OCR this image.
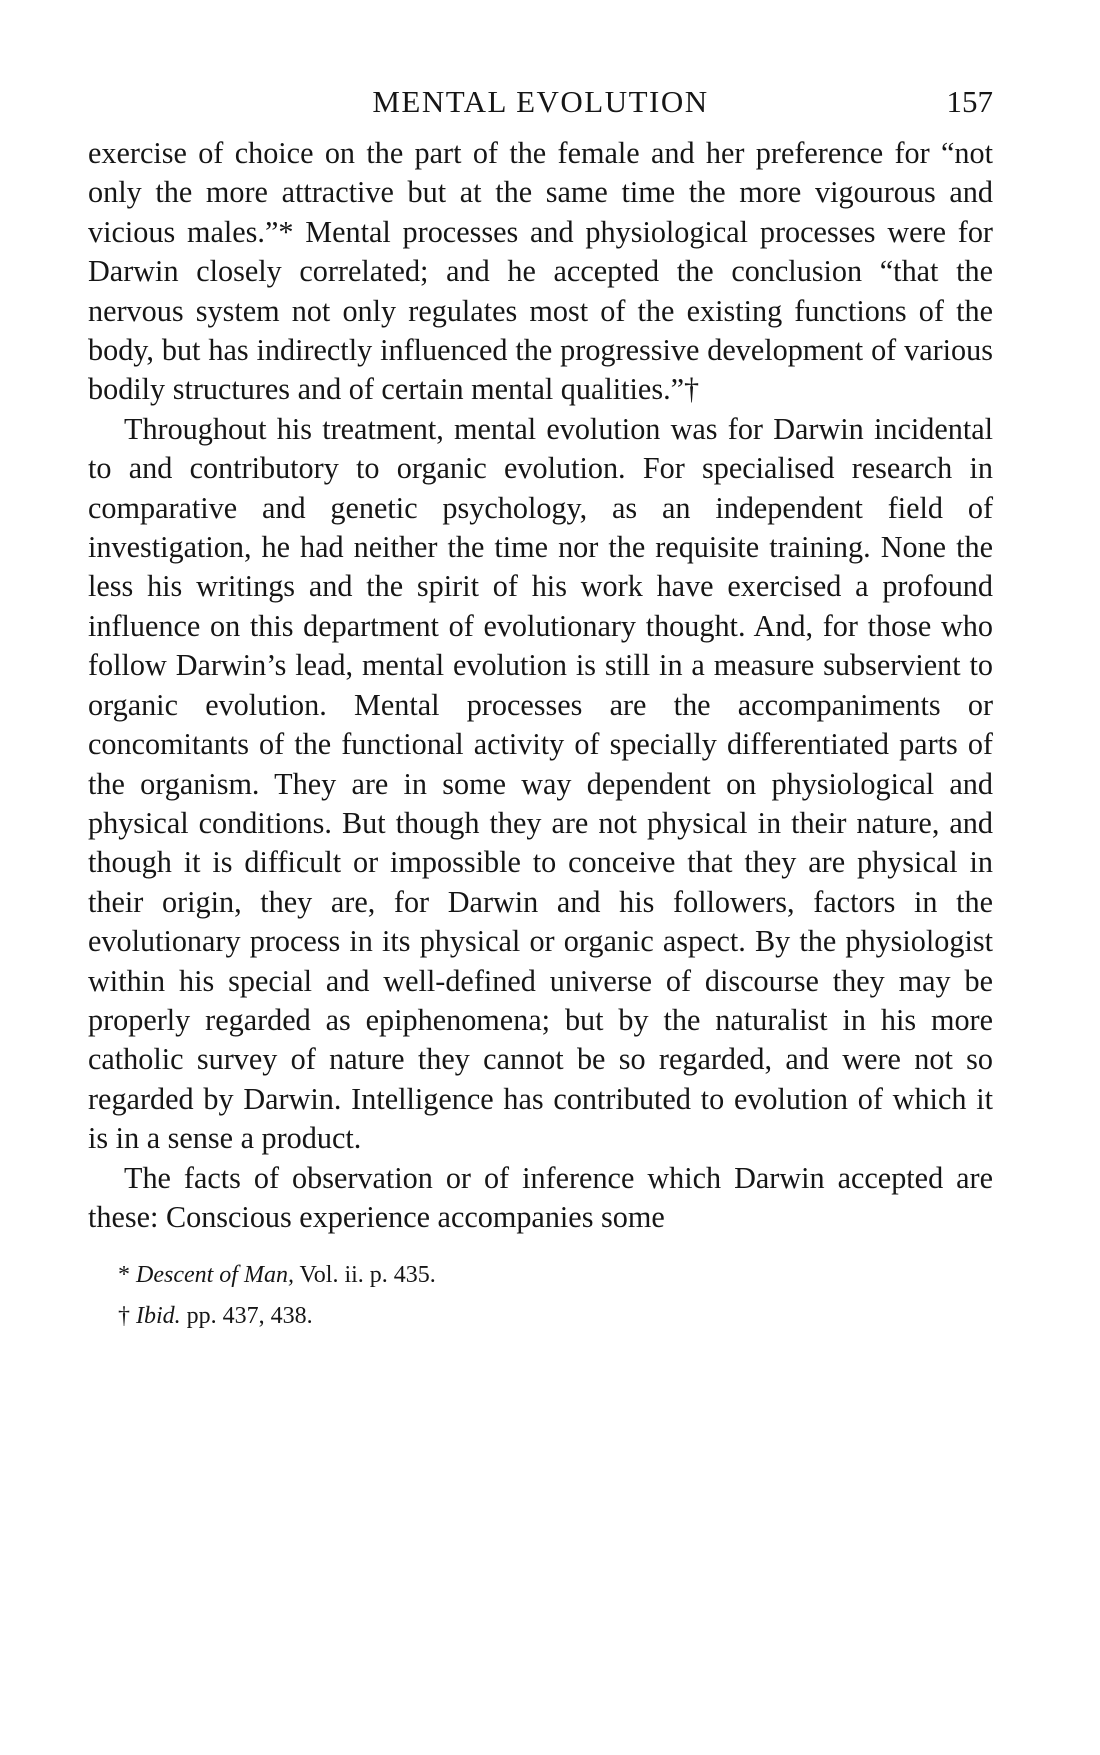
MENTAL EVOLUTION	157

exercise of choice on the part of the female and her preference for “not only the more attractive but at the same time the more vigourous and vicious males.”* Mental processes and physiological processes were for Darwin closely correlated; and he accepted the conclusion “that the nervous system not only regulates most of the existing functions of the body, but has indirectly influenced the progressive development of various bodily structures and of certain mental qualities.”†

Throughout his treatment, mental evolution was for Darwin incidental to and contributory to organic evolution. For specialised research in comparative and genetic psychology, as an independent field of investigation, he had neither the time nor the requisite training. None the less his writings and the spirit of his work have exercised a profound influence on this department of evolutionary thought. And, for those who follow Darwin’s lead, mental evolution is still in a measure subservient to organic evolution. Mental processes are the accompaniments or concomitants of the functional activity of specially differentiated parts of the organism. They are in some way dependent on physiological and physical conditions. But though they are not physical in their nature, and though it is difficult or impossible to conceive that they are physical in their origin, they are, for Darwin and his followers, factors in the evolutionary process in its physical or organic aspect. By the physiologist within his special and well-defined universe of discourse they may be properly regarded as epiphenomena; but by the naturalist in his more catholic survey of nature they cannot be so regarded, and were not so regarded by Darwin. Intelligence has contributed to evolution of which it is in a sense a product.

The facts of observation or of inference which Darwin accepted are these: Conscious experience accompanies some

* Descent of Man, Vol. ii. p. 435.

† Ibid. pp. 437, 438.
